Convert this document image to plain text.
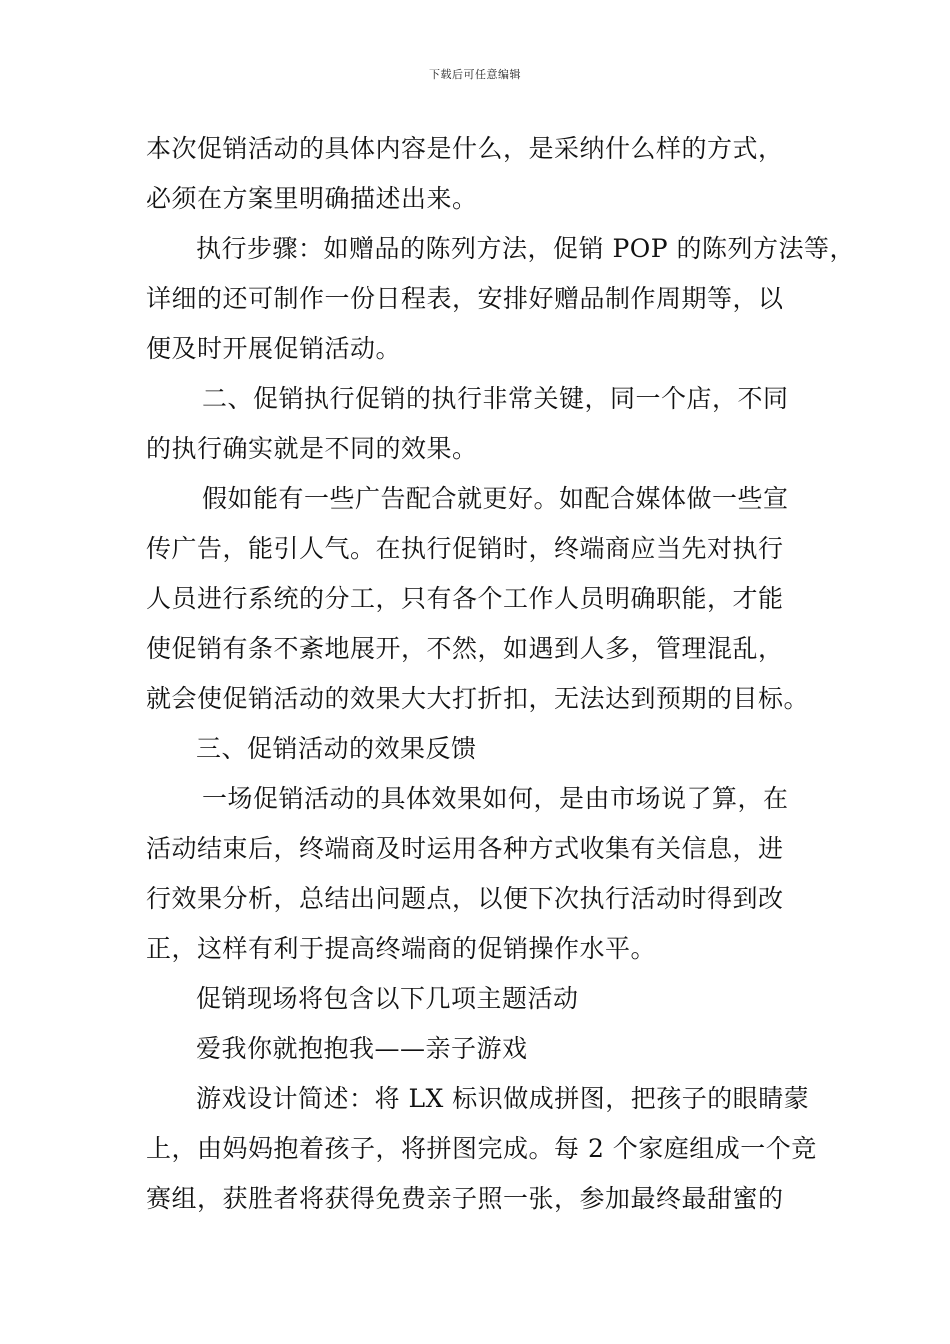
下载后可任意编辑
本次促销活动的具体内容是什么，是采纳什么样的方式，
必须在方案里明确描述出来。
执行步骤：如赠品的陈列方法，促销 POP 的陈列方法等，
详细的还可制作一份日程表，安排好赠品制作周期等，以
便及时开展促销活动。
二、促销执行促销的执行非常关键，同一个店，不同
的执行确实就是不同的效果。
假如能有一些广告配合就更好。如配合媒体做一些宣
传广告，能引人气。在执行促销时，终端商应当先对执行
人员进行系统的分工，只有各个工作人员明确职能，才能
使促销有条不紊地展开，不然，如遇到人多，管理混乱，
就会使促销活动的效果大大打折扣，无法达到预期的目标。
三、促销活动的效果反馈
一场促销活动的具体效果如何，是由市场说了算，在
活动结束后，终端商及时运用各种方式收集有关信息，进
行效果分析，总结出问题点，以便下次执行活动时得到改
正，这样有利于提高终端商的促销操作水平。
促销现场将包含以下几项主题活动
爱我你就抱抱我——亲子游戏
游戏设计简述：将 LX 标识做成拼图，把孩子的眼睛蒙
上，由妈妈抱着孩子，将拼图完成。每 2 个家庭组成一个竞
赛组，获胜者将获得免费亲子照一张，参加最终最甜蜜的
